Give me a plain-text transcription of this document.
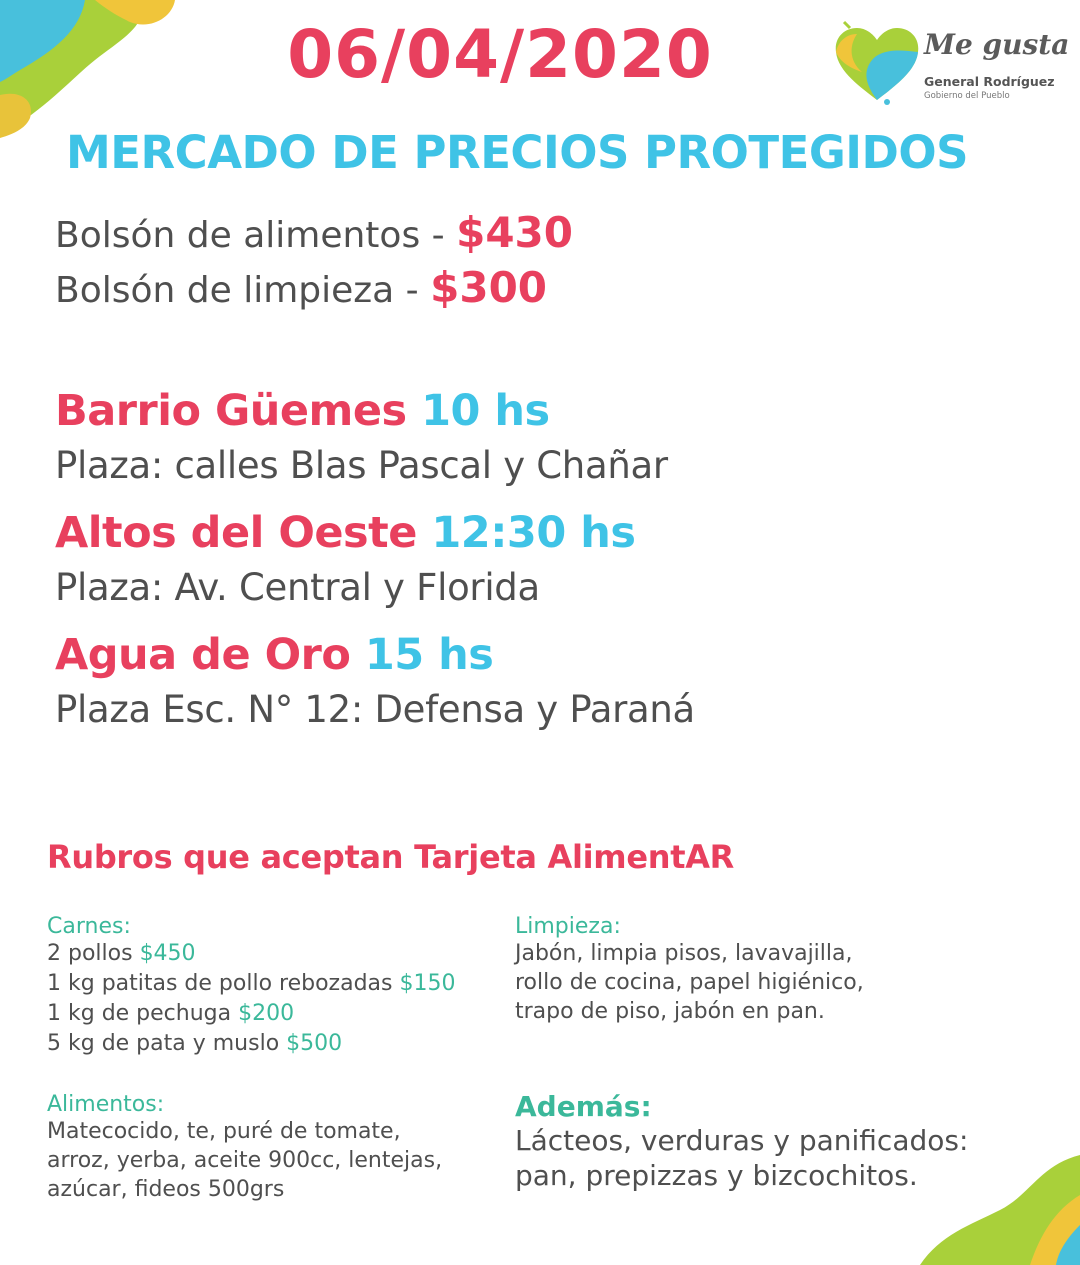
06/04/2020	Me gusta
General Rodríguez
Gobierno del Pueblo
MERCADO DE PRECIOS PROTEGIDOS
Bolsón de alimentos - $430
Bolsón de limpieza - $300
Barrio Güemes 10 hs
Plaza: calles Blas Pascal y Chañar
Altos del Oeste 12:30 hs
Plaza: Av. Central y Florida
Agua de Oro 15 hs
Plaza Esc. N° 12: Defensa y Paraná
Rubros que aceptan Tarjeta AlimentAR
Carnes:
2 pollos $450
1 kg patitas de pollo rebozadas $150
1 kg de pechuga $200
5 kg de pata y muslo $500
Alimentos:
Matecocido, te, puré de tomate,
arroz, yerba, aceite 900cc, lentejas,
azúcar, fideos 500grs
Limpieza:
Jabón, limpia pisos, lavavajilla,
rollo de cocina, papel higiénico,
trapo de piso, jabón en pan.
Además:
Lácteos, verduras y panificados:
pan, prepizzas y bizcochitos.
